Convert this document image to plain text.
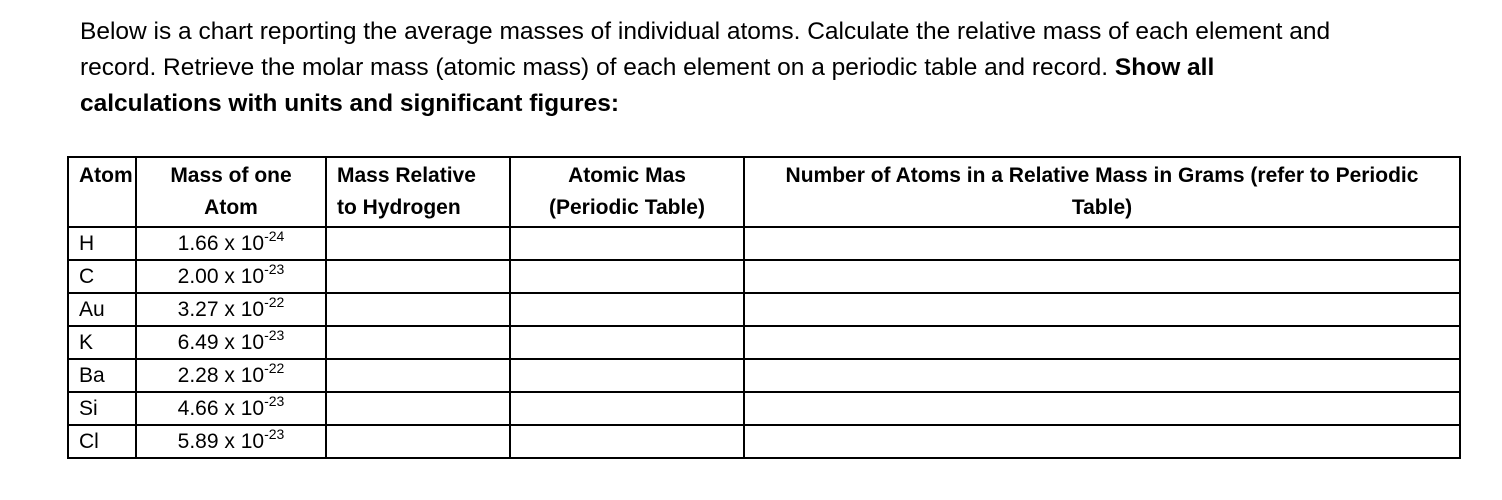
Below is a chart reporting the average masses of individual atoms. Calculate the relative mass of each element and record. Retrieve the molar mass (atomic mass) of each element on a periodic table and record. Show all calculations with units and significant figures:

Atom	Mass of one Atom	Mass Relative to Hydrogen	Atomic Mas (Periodic Table)	Number of Atoms in a Relative Mass in Grams (refer to Periodic Table)
H	1.66 x $10^{-24}$			
C	2.00 x $10^{-23}$			
Au	3.27 x $10^{-22}$			
K	6.49 x $10^{-23}$			
Ba	2.28 x $10^{-22}$			
Si	4.66 x $10^{-23}$			
Cl	5.89 x $10^{-23}$			
